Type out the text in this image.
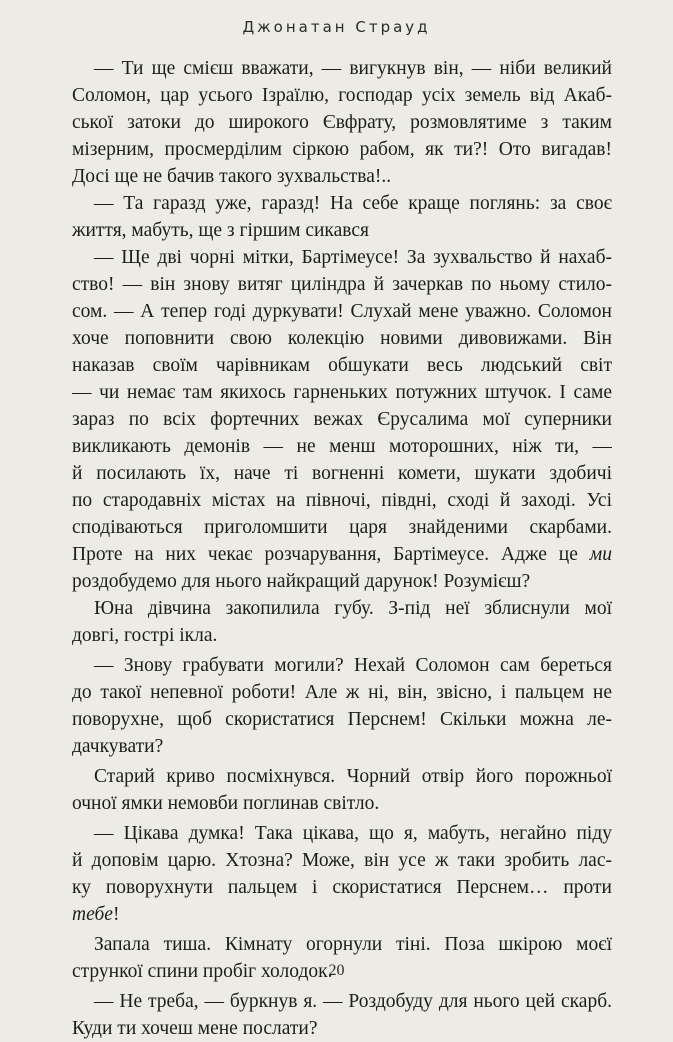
Джонатан Страуд
— Ти ще смієш вважати, — вигукнув він, — ніби великий
Соломон, цар усього Ізраїлю, господар усіх земель від Акаб-
ської затоки до широкого Євфрату, розмовлятиме з таким
мізерним, просмердiлим сіркою рабом, як ти?! Ото вигадав!
Досі ще не бачив такого зухвальства!..
— Та гаразд уже, гаразд! На себе краще поглянь: за своє
життя, мабуть, ще з гіршим сикався
— Ще дві чорні мітки, Бартімеусе! За зухвальство й нахаб-
ство! — він знову витяг циліндра й зачеркав по ньому стило-
сом. — А тепер годі дуркувати! Слухай мене уважно. Соломон
хоче поповнити свою колекцію новими дивовижами. Він
наказав своїм чарівникам обшукати весь людський світ
— чи немає там якихось гарненьких потужних штучок. І саме
зараз по всіх фортечних вежах Єрусалима мої суперники
викликають демонів — не менш моторошних, ніж ти, —
й посилають їх, наче ті вогненні комети, шукати здобичі
по стародавніх містах на півночі, півдні, сході й заході. Усі
сподіваються приголомшити царя знайденими скарбами.
Проте на них чекає розчарування, Бартімеусе. Адже це ми
роздобудемо для нього найкращий дарунок! Розумієш?
Юна дівчина закопилила губу. З-під неї зблиснули мої
довгі, гострі ікла.
— Знову грабувати могили? Нехай Соломон сам береться
до такої непевної роботи! Але ж ні, він, звісно, і пальцем не
поворухне, щоб скористатися Перснем! Скільки можна ле-
дачкувати?
Старий криво посміхнувся. Чорний отвір його порожньої
очної ямки немовби поглинав світло.
— Цікава думка! Така цікава, що я, мабуть, негайно піду
й доповім царю. Хтозна? Може, він усе ж таки зробить лас-
ку поворухнути пальцем і скористатися Перснем… проти
тебе!
Запала тиша. Кімнату огорнули тіні. Поза шкірою моєї
стрункої спини пробіг холодок.
— Не треба, — буркнув я. — Роздобуду для нього цей скарб.
Куди ти хочеш мене послати?
20
